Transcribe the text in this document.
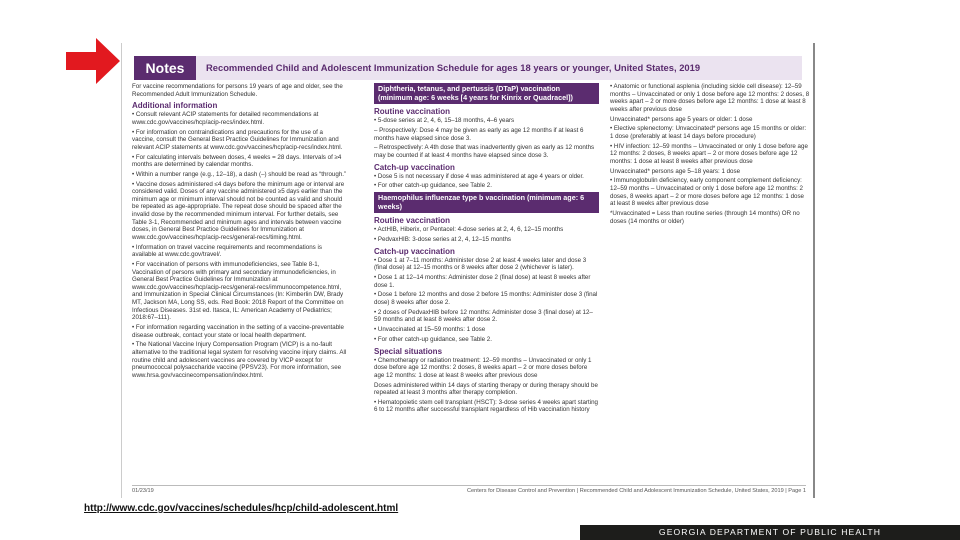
Notes	Recommended Child and Adolescent Immunization Schedule for ages 18 years or younger, United States, 2019

For vaccine recommendations for persons 19 years of age and older, see the Recommended Adult Immunization Schedule.

Additional information

• Consult relevant ACIP statements for detailed recommendations at www.cdc.gov/vaccines/hcp/acip-recs/index.html.

• For information on contraindications and precautions for the use of a vaccine, consult the General Best Practice Guidelines for Immunization and relevant ACIP statements at www.cdc.gov/vaccines/hcp/acip-recs/index.html.

• For calculating intervals between doses, 4 weeks = 28 days. Intervals of ≥4 months are determined by calendar months.

• Within a number range (e.g., 12–18), a dash (–) should be read as “through.”

• Vaccine doses administered ≤4 days before the minimum age or interval are considered valid. Doses of any vaccine administered ≥5 days earlier than the minimum age or minimum interval should not be counted as valid and should be repeated as age-appropriate. The repeat dose should be spaced after the invalid dose by the recommended minimum interval. For further details, see Table 3-1, Recommended and minimum ages and intervals between vaccine doses, in General Best Practice Guidelines for Immunization at www.cdc.gov/vaccines/hcp/acip-recs/general-recs/timing.html.

• Information on travel vaccine requirements and recommendations is available at www.cdc.gov/travel/.

• For vaccination of persons with immunodeficiencies, see Table 8-1, Vaccination of persons with primary and secondary immunodeficiencies, in General Best Practice Guidelines for Immunization at www.cdc.gov/vaccines/hcp/acip-recs/general-recs/immunocompetence.html, and Immunization in Special Clinical Circumstances (In: Kimberlin DW, Brady MT, Jackson MA, Long SS, eds. Red Book: 2018 Report of the Committee on Infectious Diseases. 31st ed. Itasca, IL: American Academy of Pediatrics; 2018:67–111).

• For information regarding vaccination in the setting of a vaccine-preventable disease outbreak, contact your state or local health department.

• The National Vaccine Injury Compensation Program (VICP) is a no-fault alternative to the traditional legal system for resolving vaccine injury claims. All routine child and adolescent vaccines are covered by VICP except for pneumococcal polysaccharide vaccine (PPSV23). For more information, see www.hrsa.gov/vaccinecompensation/index.html.

Diphtheria, tetanus, and pertussis (DTaP) vaccination (minimum age: 6 weeks [4 years for Kinrix or Quadracel])
Routine vaccination

• 5-dose series at 2, 4, 6, 15–18 months, 4–6 years

– Prospectively: Dose 4 may be given as early as age 12 months if at least 6 months have elapsed since dose 3.

– Retrospectively: A 4th dose that was inadvertently given as early as 12 months may be counted if at least 4 months have elapsed since dose 3.

Catch-up vaccination

• Dose 5 is not necessary if dose 4 was administered at age 4 years or older.

• For other catch-up guidance, see Table 2.

Haemophilus influenzae type b vaccination (minimum age: 6 weeks)
Routine vaccination

• ActHIB, Hiberix, or Pentacel: 4-dose series at 2, 4, 6, 12–15 months

• PedvaxHIB: 3-dose series at 2, 4, 12–15 months

Catch-up vaccination

• Dose 1 at 7–11 months: Administer dose 2 at least 4 weeks later and dose 3 (final dose) at 12–15 months or 8 weeks after dose 2 (whichever is later).

• Dose 1 at 12–14 months: Administer dose 2 (final dose) at least 8 weeks after dose 1.

• Dose 1 before 12 months and dose 2 before 15 months: Administer dose 3 (final dose) 8 weeks after dose 2.

• 2 doses of PedvaxHIB before 12 months: Administer dose 3 (final dose) at 12–59 months and at least 8 weeks after dose 2.

• Unvaccinated at 15–59 months: 1 dose

• For other catch-up guidance, see Table 2.

Special situations

• Chemotherapy or radiation treatment: 12–59 months – Unvaccinated or only 1 dose before age 12 months: 2 doses, 8 weeks apart – 2 or more doses before age 12 months: 1 dose at least 8 weeks after previous dose

Doses administered within 14 days of starting therapy or during therapy should be repeated at least 3 months after therapy completion.

• Hematopoietic stem cell transplant (HSCT): 3-dose series 4 weeks apart starting 6 to 12 months after successful transplant regardless of Hib vaccination history

• Anatomic or functional asplenia (including sickle cell disease): 12–59 months – Unvaccinated or only 1 dose before age 12 months: 2 doses, 8 weeks apart – 2 or more doses before age 12 months: 1 dose at least 8 weeks after previous dose

Unvaccinated* persons age 5 years or older: 1 dose

• Elective splenectomy: Unvaccinated* persons age 15 months or older: 1 dose (preferably at least 14 days before procedure)

• HIV infection: 12–59 months – Unvaccinated or only 1 dose before age 12 months: 2 doses, 8 weeks apart – 2 or more doses before age 12 months: 1 dose at least 8 weeks after previous dose

Unvaccinated* persons age 5–18 years: 1 dose

• Immunoglobulin deficiency, early component complement deficiency: 12–59 months – Unvaccinated or only 1 dose before age 12 months: 2 doses, 8 weeks apart – 2 or more doses before age 12 months: 1 dose at least 8 weeks after previous dose

*Unvaccinated = Less than routine series (through 14 months) OR no doses (14 months or older)

01/23/19	Centers for Disease Control and Prevention | Recommended Child and Adolescent Immunization Schedule, United States, 2019 | Page 1
http://www.cdc.gov/vaccines/schedules/hcp/child-adolescent.html
GEORGIA DEPARTMENT OF PUBLIC HEALTH
